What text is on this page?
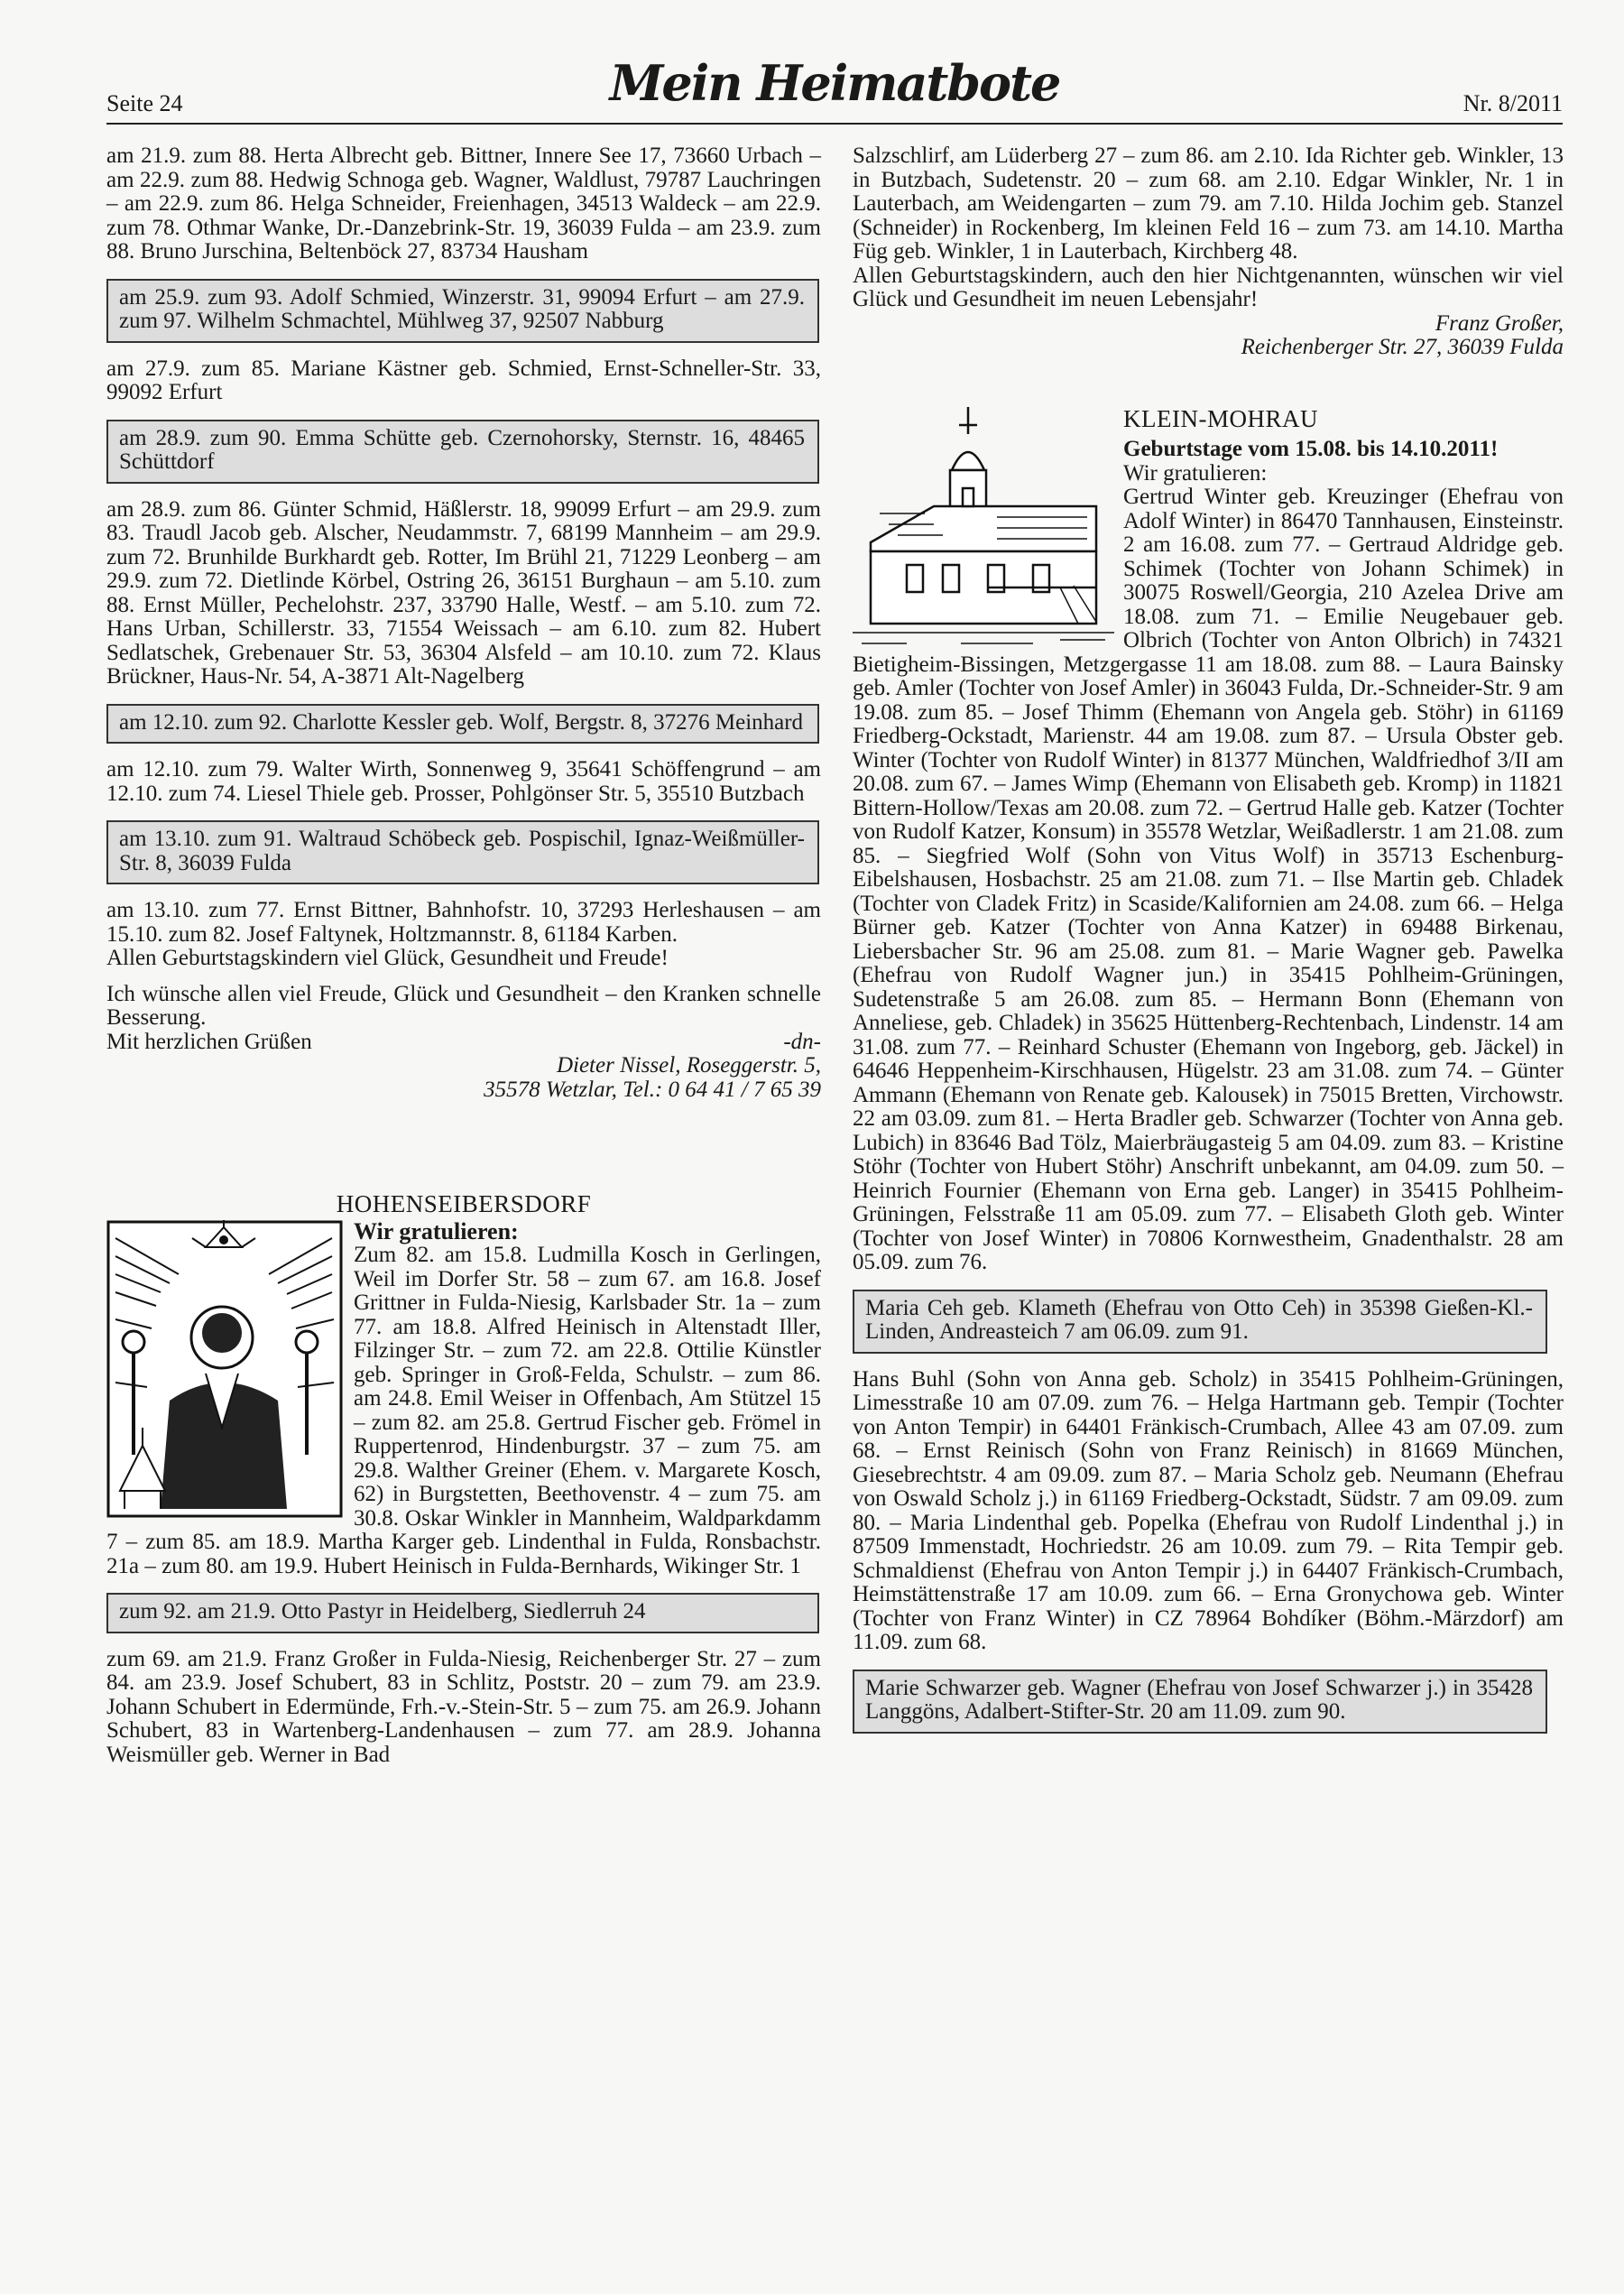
Seite 24	Mein Heimatbote	Nr. 8/2011

am 21.9. zum 88. Herta Albrecht geb. Bittner, Innere See 17, 73660 Urbach – am 22.9. zum 88. Hedwig Schnoga geb. Wagner, Waldlust, 79787 Lauchringen – am 22.9. zum 86. Helga Schneider, Freienhagen, 34513 Waldeck – am 22.9. zum 78. Othmar Wanke, Dr.-Danzebrink-Str. 19, 36039 Fulda – am 23.9. zum 88. Bruno Jurschina, Beltenböck 27, 83734 Hausham

am 25.9. zum 93. Adolf Schmied, Winzerstr. 31, 99094 Erfurt – am 27.9. zum 97. Wilhelm Schmachtel, Mühlweg 37, 92507 Nabburg

am 27.9. zum 85. Mariane Kästner geb. Schmied, Ernst-Schneller-Str. 33, 99092 Erfurt

am 28.9. zum 90. Emma Schütte geb. Czernohorsky, Sternstr. 16, 48465 Schüttdorf

am 28.9. zum 86. Günter Schmid, Häßlerstr. 18, 99099 Erfurt – am 29.9. zum 83. Traudl Jacob geb. Alscher, Neudammstr. 7, 68199 Mannheim – am 29.9. zum 72. Brunhilde Burkhardt geb. Rotter, Im Brühl 21, 71229 Leonberg – am 29.9. zum 72. Dietlinde Körbel, Ostring 26, 36151 Burghaun – am 5.10. zum 88. Ernst Müller, Pechelohstr. 237, 33790 Halle, Westf. – am 5.10. zum 72. Hans Urban, Schillerstr. 33, 71554 Weissach – am 6.10. zum 82. Hubert Sedlatschek, Grebenauer Str. 53, 36304 Alsfeld – am 10.10. zum 72. Klaus Brückner, Haus-Nr. 54, A-3871 Alt-Nagelberg

am 12.10. zum 92. Charlotte Kessler geb. Wolf, Bergstr. 8, 37276 Meinhard

am 12.10. zum 79. Walter Wirth, Sonnenweg 9, 35641 Schöffengrund – am 12.10. zum 74. Liesel Thiele geb. Prosser, Pohlgönser Str. 5, 35510 Butzbach

am 13.10. zum 91. Waltraud Schöbeck geb. Pospischil, Ignaz-Weißmüller-Str. 8, 36039 Fulda

am 13.10. zum 77. Ernst Bittner, Bahnhofstr. 10, 37293 Herleshausen – am 15.10. zum 82. Josef Faltynek, Holtzmannstr. 8, 61184 Karben.

Allen Geburtstagskindern viel Glück, Gesundheit und Freude!

Ich wünsche allen viel Freude, Glück und Gesundheit – den Kranken schnelle Besserung.

Mit herzlichen Grüßen	-dn-

Dieter Nissel, Roseggerstr. 5,

35578 Wetzlar, Tel.: 0 64 41 / 7 65 39

HOHENSEIBERSDORF

Wir gratulieren:

Zum 82. am 15.8. Ludmilla Kosch in Gerlingen, Weil im Dorfer Str. 58 – zum 67. am 16.8. Josef Grittner in Fulda-Niesig, Karlsbader Str. 1a – zum 77. am 18.8. Alfred Heinisch in Altenstadt Iller, Filzinger Str. – zum 72. am 22.8. Ottilie Künstler geb. Springer in Groß-Felda, Schulstr. – zum 86. am 24.8. Emil Weiser in Offenbach, Am Stützel 15 – zum 82. am 25.8. Gertrud Fischer geb. Frömel in Ruppertenrod, Hindenburgstr. 37 – zum 75. am 29.8. Walther Greiner (Ehem. v. Margarete Kosch, 62) in Burgstetten, Beethovenstr. 4 – zum 75. am 30.8. Oskar Winkler in Mannheim, Waldparkdamm 7 – zum 85. am 18.9. Martha Karger geb. Lindenthal in Fulda, Ronsbachstr. 21a – zum 80. am 19.9. Hubert Heinisch in Fulda-Bernhards, Wikinger Str. 1

zum 92. am 21.9. Otto Pastyr in Heidelberg, Siedlerruh 24

zum 69. am 21.9. Franz Großer in Fulda-Niesig, Reichenberger Str. 27 – zum 84. am 23.9. Josef Schubert, 83 in Schlitz, Poststr. 20 – zum 79. am 23.9. Johann Schubert in Edermünde, Frh.-v.-Stein-Str. 5 – zum 75. am 26.9. Johann Schubert, 83 in Wartenberg-Landenhausen – zum 77. am 28.9. Johanna Weismüller geb. Werner in Bad

Salzschlirf, am Lüderberg 27 – zum 86. am 2.10. Ida Richter geb. Winkler, 13 in Butzbach, Sudetenstr. 20 – zum 68. am 2.10. Edgar Winkler, Nr. 1 in Lauterbach, am Weidengarten – zum 79. am 7.10. Hilda Jochim geb. Stanzel (Schneider) in Rockenberg, Im kleinen Feld 16 – zum 73. am 14.10. Martha Füg geb. Winkler, 1 in Lauterbach, Kirchberg 48.

Allen Geburtstagskindern, auch den hier Nichtgenannten, wünschen wir viel Glück und Gesundheit im neuen Lebensjahr!

Franz Großer,

Reichenberger Str. 27, 36039 Fulda

KLEIN-MOHRAU

Geburtstage vom 15.08. bis 14.10.2011!

Wir gratulieren:

Gertrud Winter geb. Kreuzinger (Ehefrau von Adolf Winter) in 86470 Tannhausen, Einsteinstr. 2 am 16.08. zum 77. – Gertraud Aldridge geb. Schimek (Tochter von Johann Schimek) in 30075 Roswell/Georgia, 210 Azelea Drive am 18.08. zum 71. – Emilie Neugebauer geb. Olbrich (Tochter von Anton Olbrich) in 74321 Bietigheim-Bissingen, Metzgergasse 11 am 18.08. zum 88. – Laura Bainsky geb. Amler (Tochter von Josef Amler) in 36043 Fulda, Dr.-Schneider-Str. 9 am 19.08. zum 85. – Josef Thimm (Ehemann von Angela geb. Stöhr) in 61169 Friedberg-Ockstadt, Marienstr. 44 am 19.08. zum 87. – Ursula Obster geb. Winter (Tochter von Rudolf Winter) in 81377 München, Waldfriedhof 3/II am 20.08. zum 67. – James Wimp (Ehemann von Elisabeth geb. Kromp) in 11821 Bittern-Hollow/Texas am 20.08. zum 72. – Gertrud Halle geb. Katzer (Tochter von Rudolf Katzer, Konsum) in 35578 Wetzlar, Weißadlerstr. 1 am 21.08. zum 85. – Siegfried Wolf (Sohn von Vitus Wolf) in 35713 Eschenburg-Eibelshausen, Hosbachstr. 25 am 21.08. zum 71. – Ilse Martin geb. Chladek (Tochter von Cladek Fritz) in Scaside/Kalifornien am 24.08. zum 66. – Helga Bürner geb. Katzer (Tochter von Anna Katzer) in 69488 Birkenau, Liebersbacher Str. 96 am 25.08. zum 81. – Marie Wagner geb. Pawelka (Ehefrau von Rudolf Wagner jun.) in 35415 Pohlheim-Grüningen, Sudetenstraße 5 am 26.08. zum 85. – Hermann Bonn (Ehemann von Anneliese, geb. Chladek) in 35625 Hüttenberg-Rechtenbach, Lindenstr. 14 am 31.08. zum 77. – Reinhard Schuster (Ehemann von Ingeborg, geb. Jäckel) in 64646 Heppenheim-Kirschhausen, Hügelstr. 23 am 31.08. zum 74. – Günter Ammann (Ehemann von Renate geb. Kalousek) in 75015 Bretten, Virchowstr. 22 am 03.09. zum 81. – Herta Bradler geb. Schwarzer (Tochter von Anna geb. Lubich) in 83646 Bad Tölz, Maierbräugasteig 5 am 04.09. zum 83. – Kristine Stöhr (Tochter von Hubert Stöhr) Anschrift unbekannt, am 04.09. zum 50. – Heinrich Fournier (Ehemann von Erna geb. Langer) in 35415 Pohlheim-Grüningen, Felsstraße 11 am 05.09. zum 77. – Elisabeth Gloth geb. Winter (Tochter von Josef Winter) in 70806 Kornwestheim, Gnadenthalstr. 28 am 05.09. zum 76.

Maria Ceh geb. Klameth (Ehefrau von Otto Ceh) in 35398 Gießen-Kl.-Linden, Andreasteich 7 am 06.09. zum 91.

Hans Buhl (Sohn von Anna geb. Scholz) in 35415 Pohlheim-Grüningen, Limesstraße 10 am 07.09. zum 76. – Helga Hartmann geb. Tempir (Tochter von Anton Tempir) in 64401 Fränkisch-Crumbach, Allee 43 am 07.09. zum 68. – Ernst Reinisch (Sohn von Franz Reinisch) in 81669 München, Giesebrechtstr. 4 am 09.09. zum 87. – Maria Scholz geb. Neumann (Ehefrau von Oswald Scholz j.) in 61169 Friedberg-Ockstadt, Südstr. 7 am 09.09. zum 80. – Maria Lindenthal geb. Popelka (Ehefrau von Rudolf Lindenthal j.) in 87509 Immenstadt, Hochriedstr. 26 am 10.09. zum 79. – Rita Tempir geb. Schmaldienst (Ehefrau von Anton Tempir j.) in 64407 Fränkisch-Crumbach, Heimstättenstraße 17 am 10.09. zum 66. – Erna Gronychowa geb. Winter (Tochter von Franz Winter) in CZ 78964 Bohdíker (Böhm.-Märzdorf) am 11.09. zum 68.

Marie Schwarzer geb. Wagner (Ehefrau von Josef Schwarzer j.) in 35428 Langgöns, Adalbert-Stifter-Str. 20 am 11.09. zum 90.
